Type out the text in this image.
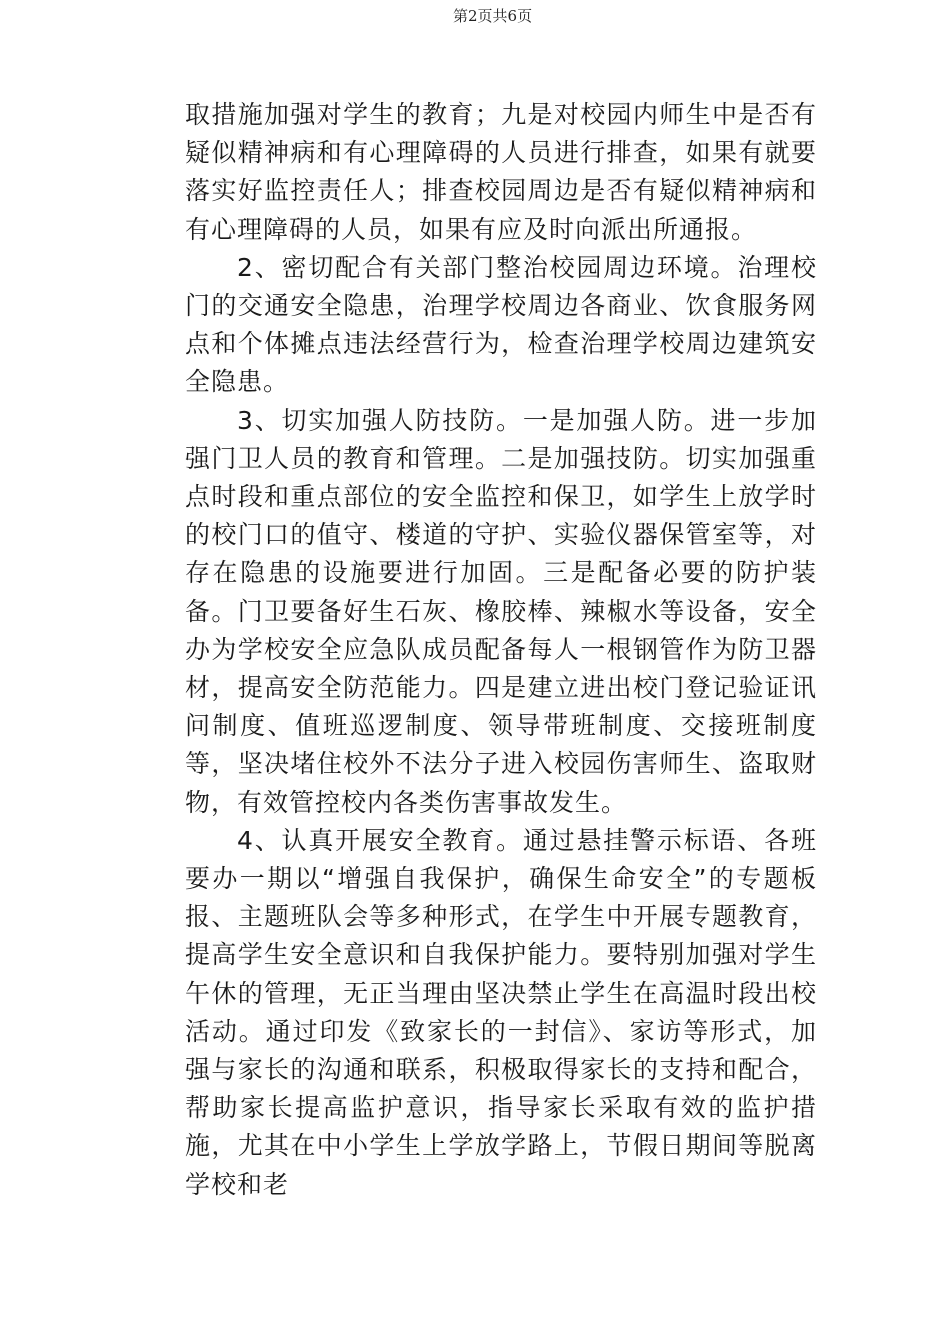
第2页共6页

取措施加强对学生的教育；九是对校园内师生中是否有疑似精神病和有心理障碍的人员进行排查，如果有就要落实好监控责任人；排查校园周边是否有疑似精神病和有心理障碍的人员，如果有应及时向派出所通报。

2、密切配合有关部门整治校园周边环境。治理校门的交通安全隐患，治理学校周边各商业、饮食服务网点和个体摊点违法经营行为，检查治理学校周边建筑安全隐患。

3、切实加强人防技防。一是加强人防。进一步加强门卫人员的教育和管理。二是加强技防。切实加强重点时段和重点部位的安全监控和保卫，如学生上放学时的校门口的值守、楼道的守护、实验仪器保管室等，对存在隐患的设施要进行加固。三是配备必要的防护装备。门卫要备好生石灰、橡胶棒、辣椒水等设备，安全办为学校安全应急队成员配备每人一根钢管作为防卫器材，提高安全防范能力。四是建立进出校门登记验证讯问制度、值班巡逻制度、领导带班制度、交接班制度等，坚决堵住校外不法分子进入校园伤害师生、盗取财物，有效管控校内各类伤害事故发生。

4、认真开展安全教育。通过悬挂警示标语、各班要办一期以“增强自我保护，确保生命安全”的专题板报、主题班队会等多种形式，在学生中开展专题教育，提高学生安全意识和自我保护能力。要特别加强对学生午休的管理，无正当理由坚决禁止学生在高温时段出校活动。通过印发《致家长的一封信》、家访等形式，加强与家长的沟通和联系，积极取得家长的支持和配合，帮助家长提高监护意识，指导家长采取有效的监护措施，尤其在中小学生上学放学路上，节假日期间等脱离学校和老
